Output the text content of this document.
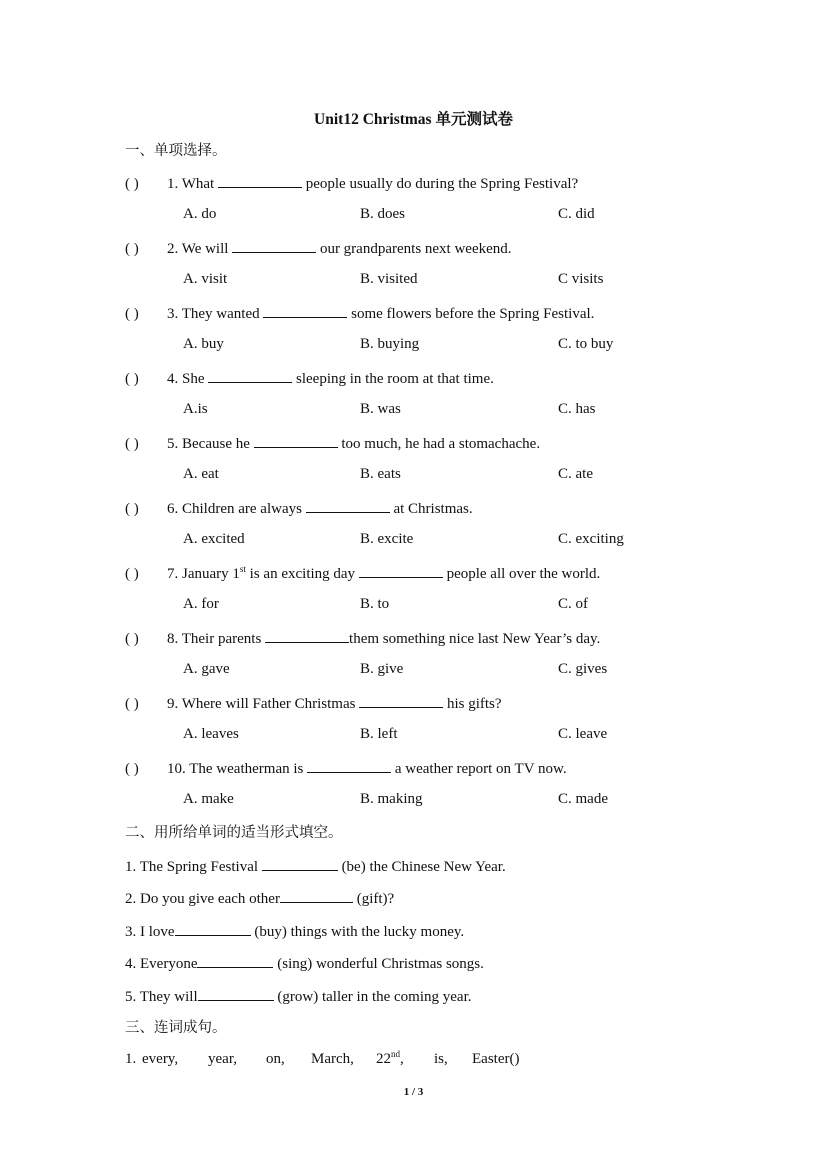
Unit12 Christmas 单元测试卷
一、单项选择。
( ) 1. What	people usually do during the Spring Festival?
A. do	B. does	C. did
( ) 2. We will	our grandparents next weekend.
A. visit	B. visited	C visits
( ) 3. They wanted	some flowers before the Spring Festival.
A. buy	B. buying	C. to buy
( ) 4. She	sleeping in the room at that time.
A.is	B. was	C. has
( ) 5. Because he	too much, he had a stomachache.
A. eat	B. eats	C. ate
( ) 6. Children are always	at Christmas.
A. excited	B. excite	C. exciting
( ) 7. January 1st is an exciting day	people all over the world.
A. for	B. to	C. of
( ) 8. Their parents	them something nice last New Year’s day.
A. gave	B. give	C. gives
( ) 9. Where will Father Christmas	his gifts?
A. leaves	B. left	C. leave
( ) 10. The weatherman is	a weather report on TV now.
A. make	B. making	C. made
二、用所给单词的适当形式填空。
1. The Spring Festival	(be) the Chinese New Year.
2. Do you give each other	(gift)?
3. I love	(buy) things with the lucky money.
4. Everyone	(sing) wonderful Christmas songs.
5. They will	(grow) taller in the coming year.
三、连词成句。
1. every, year, on, March, 22nd, is, Easter()
1 / 3
